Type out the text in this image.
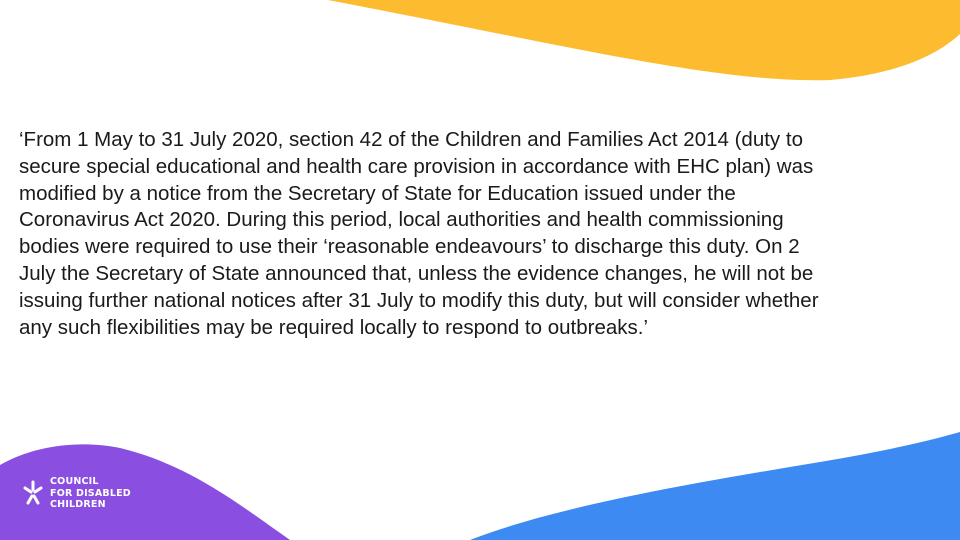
‘From 1 May to 31 July 2020, section 42 of the Children and Families Act 2014 (duty to
secure special educational and health care provision in accordance with EHC plan) was
modified by a notice from the Secretary of State for Education issued under the
Coronavirus Act 2020. During this period, local authorities and health commissioning
bodies were required to use their ‘reasonable endeavours’ to discharge this duty. On 2
July the Secretary of State announced that, unless the evidence changes, he will not be
issuing further national notices after 31 July to modify this duty, but will consider whether
any such flexibilities may be required locally to respond to outbreaks.’

COUNCIL
FOR DISABLED
CHILDREN
